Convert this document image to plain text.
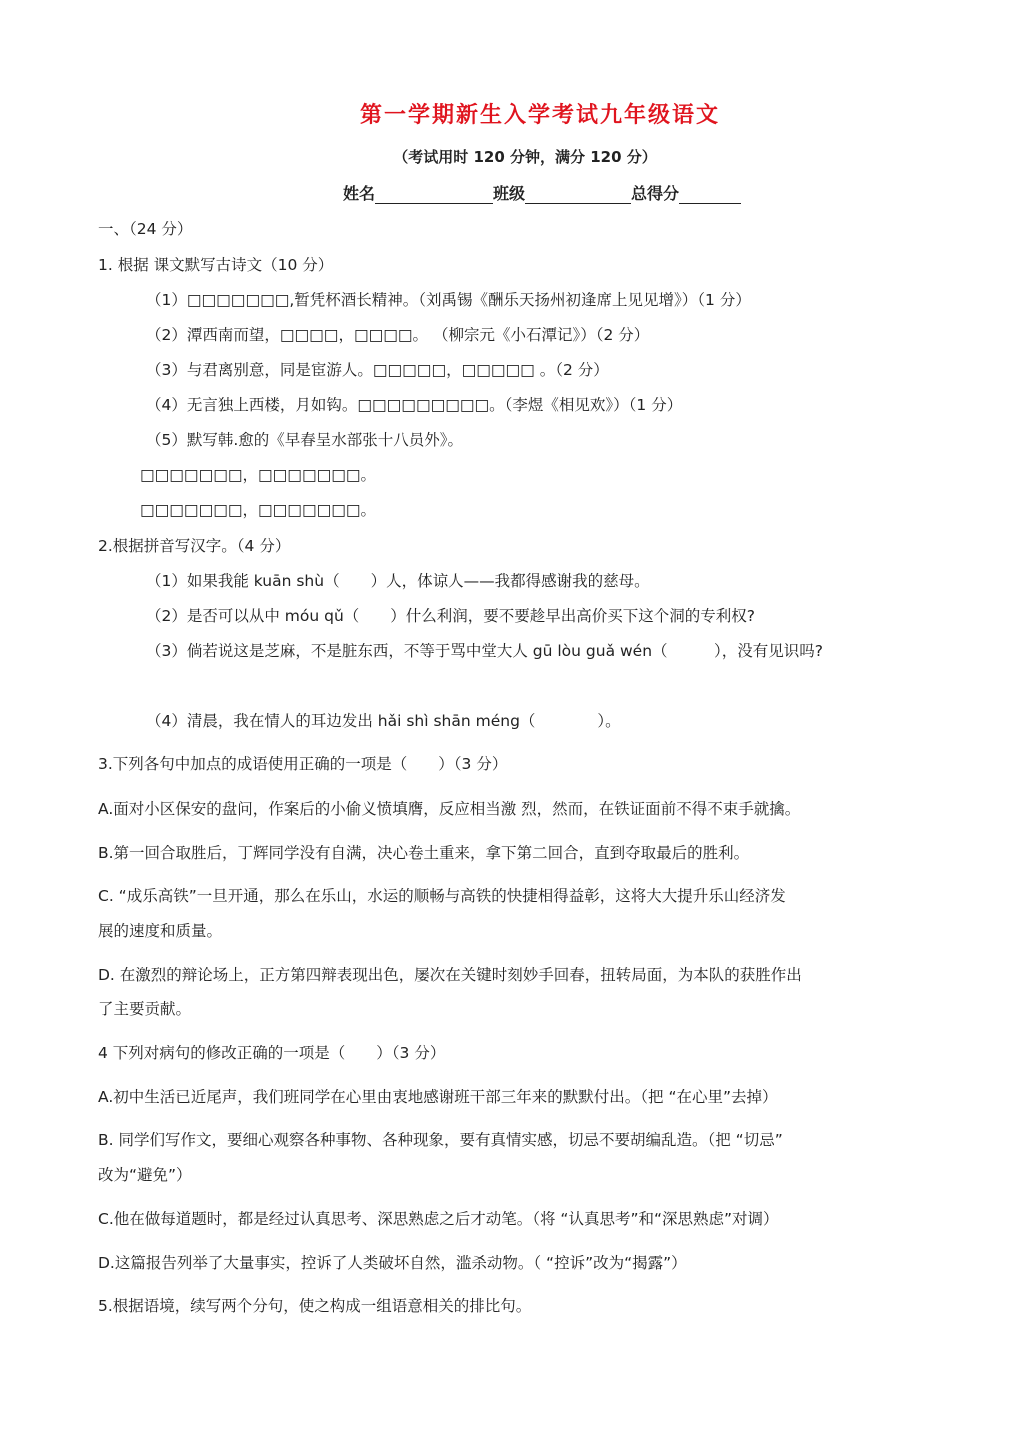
第一学期新生入学考试九年级语文
（考试用时 120 分钟，满分 120 分）
姓名	班级	总得分
一、（24 分）
1. 根据 课文默写古诗文（10 分）
（1）□□□□□□□,暂凭杯酒长精神。（刘禹锡《酬乐天扬州初逢席上见见增》）（1 分）
（2）潭西南而望，□□□□，□□□□。 （柳宗元《小石潭记》）（2 分）
（3）与君离别意，同是宦游人。□□□□□，□□□□□ 。（2 分）
（4）无言独上西楼，月如钩。□□□□□□□□□。（李煜《相见欢》）（1 分）
（5）默写韩.愈的《早春呈水部张十八员外》。
□□□□□□□，□□□□□□□。
□□□□□□□，□□□□□□□。
2.根据拼音写汉字。（4 分）
（1）如果我能 kuān shù（　　）人，体谅人——我都得感谢我的慈母。
（2）是否可以从中 móu qǔ（　　）什么利润，要不要趁早出高价买下这个洞的专利权?
（3）倘若说这是芝麻，不是脏东西，不等于骂中堂大人 gū lòu guǎ wén（　　　），没有见识吗?
（4）清晨，我在情人的耳边发出 hǎi shì shān méng（　　　　）。
3.下列各句中加点的成语使用正确的一项是（　　）（3 分）
A.面对小区保安的盘问，作案后的小偷义愤填膺，反应相当激 烈，然而，在铁证面前不得不束手就擒。
B.第一回合取胜后，丁辉同学没有自满，决心卷土重来，拿下第二回合，直到夺取最后的胜利。
C. “成乐高铁”一旦开通，那么在乐山，水运的顺畅与高铁的快捷相得益彰，这将大大提升乐山经济发
展的速度和质量。
D. 在激烈的辩论场上，正方第四辩表现出色，屡次在关键时刻妙手回春，扭转局面，为本队的获胜作出
了主要贡献。
4 下列对病句的修改正确的一项是（　　）（3 分）
A.初中生活已近尾声，我们班同学在心里由衷地感谢班干部三年来的默默付出。（把 “在心里”去掉）
B. 同学们写作文，要细心观察各种事物、各种现象，要有真情实感，切忌不要胡编乱造。（把 “切忌”
改为“避免”）
C.他在做每道题时，都是经过认真思考、深思熟虑之后才动笔。（将 “认真思考”和“深思熟虑”对调）
D.这篇报告列举了大量事实，控诉了人类破坏自然，滥杀动物。（ “控诉”改为“揭露”）
5.根据语境，续写两个分句，使之构成一组语意相关的排比句。
